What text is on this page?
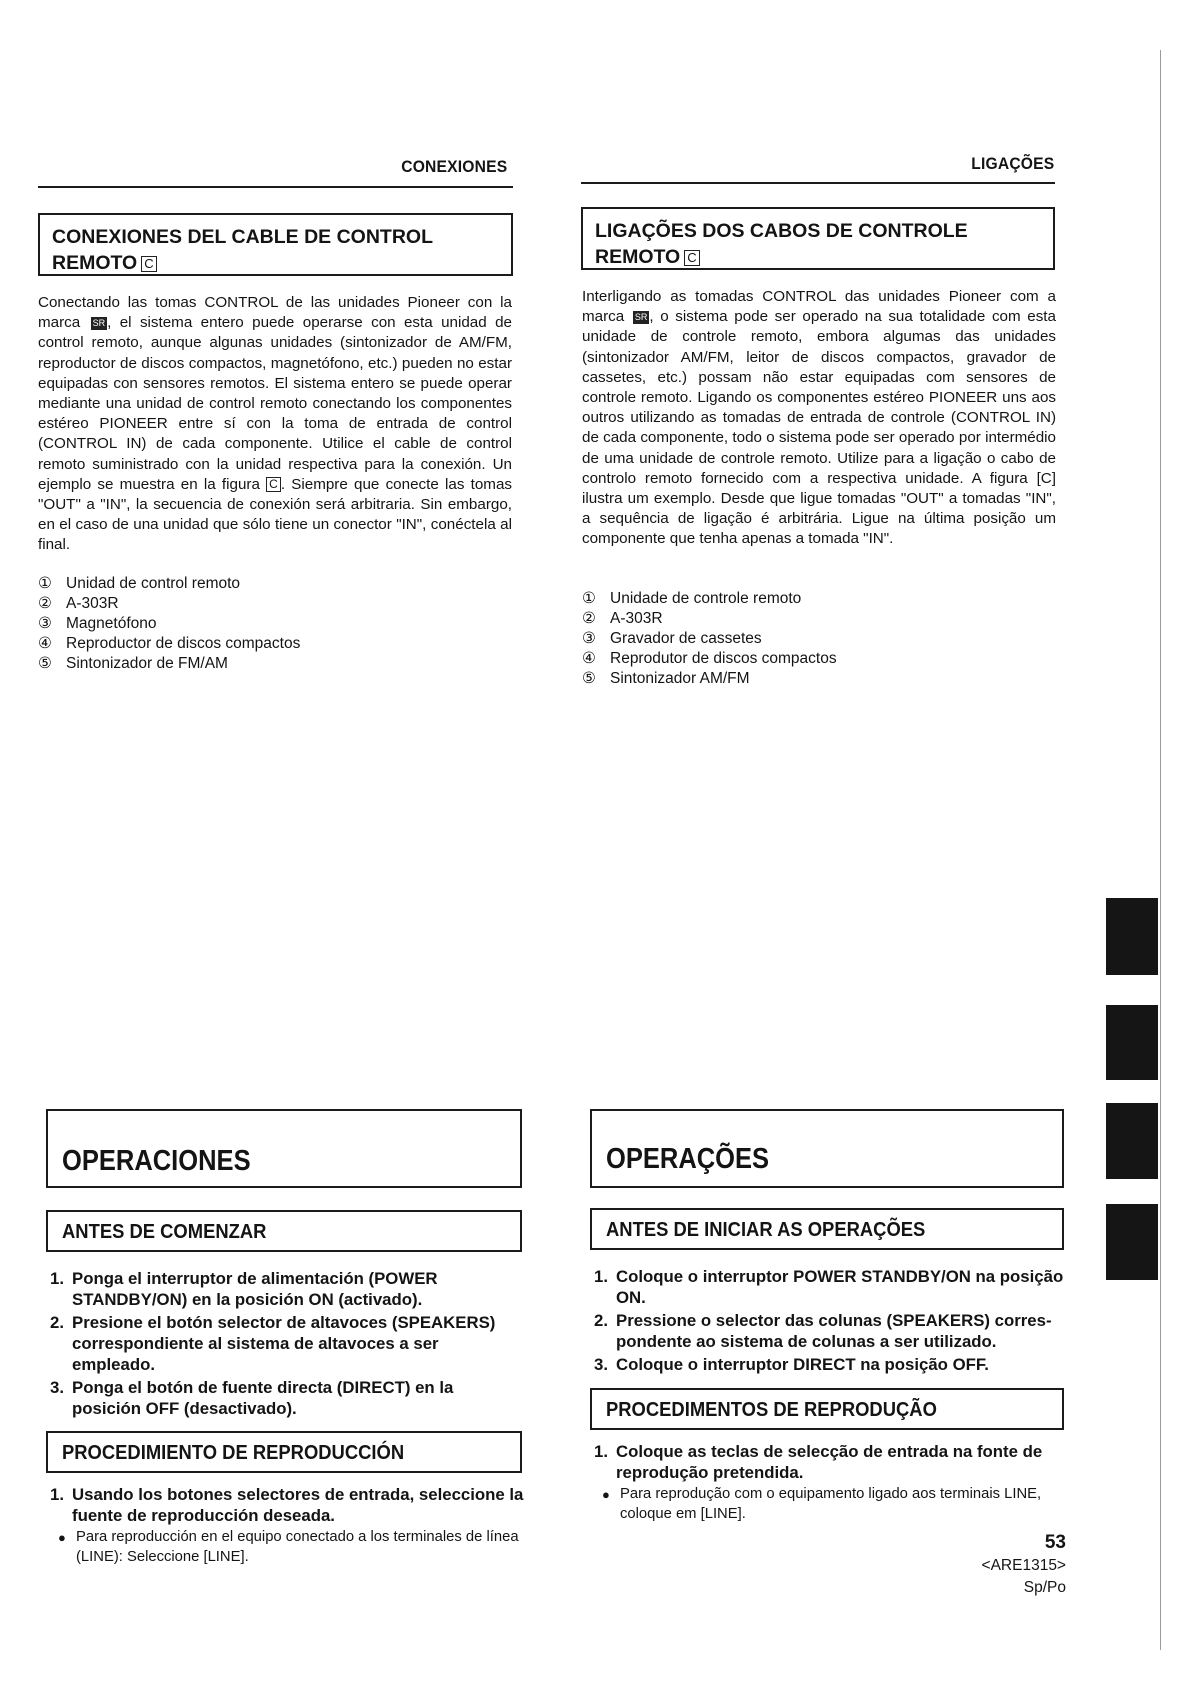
CONEXIONES
CONEXIONES DEL CABLE DE CONTROL
REMOTO C
Conectando las tomas CONTROL de las unidades Pioneer con la marca SR , el sistema entero puede operarse con esta unidad de control remoto, aunque algunas unidades (sintonizador de AM/FM, reproductor de discos compactos, magnetófono, etc.) pueden no estar equipadas con sensores remotos. El sistema entero se puede operar mediante una unidad de control remoto conectando los componentes estéreo PIONEER entre sí con la toma de entrada de control (CONTROL IN) de cada componente. Utilice el cable de control remoto suministrado con la unidad respectiva para la conexión. Un ejemplo se muestra en la figura C . Siempre que conecte las tomas "OUT" a "IN", la secuencia de conexión será arbitraria. Sin embargo, en el caso de una unidad que sólo tiene un conector "IN", conéctela al final.
① Unidad de control remoto
② A-303R
③ Magnetófono
④ Reproductor de discos compactos
⑤ Sintonizador de FM/AM
LIGAÇÕES
LIGAÇÕES DOS CABOS DE CONTROLE
REMOTO C
Interligando as tomadas CONTROL das unidades Pioneer com a marca SR , o sistema pode ser operado na sua totalidade com esta unidade de controle remoto, embora algumas das unidades (sintonizador AM/FM, leitor de discos compactos, gravador de cassetes, etc.) possam não estar equipadas com sensores de controle remoto. Ligando os componentes estéreo PIONEER uns aos outros utilizando as tomadas de entrada de controle (CONTROL IN) de cada componente, todo o sistema pode ser operado por intermédio de uma unidade de controle remoto. Utilize para a ligação o cabo de controlo remoto fornecido com a respectiva unidade. A figura [C] ilustra um exemplo. Desde que ligue tomadas "OUT" a tomadas "IN", a sequência de ligação é arbitrária. Ligue na última posição um componente que tenha apenas a tomada "IN".
① Unidade de controle remoto
② A-303R
③ Gravador de cassetes
④ Reprodutor de discos compactos
⑤ Sintonizador AM/FM
OPERACIONES
ANTES DE COMENZAR
1. Ponga el interruptor de alimentación (POWER STANDBY/ON) en la posición ON (activado).
2. Presione el botón selector de altavoces (SPEAKERS) correspondiente al sistema de altavoces a ser empleado.
3. Ponga el botón de fuente directa (DIRECT) en la posición OFF (desactivado).
PROCEDIMIENTO DE REPRODUCCIÓN
1. Usando los botones selectores de entrada, seleccione la fuente de reproducción deseada.
● Para reproducción en el equipo conectado a los terminales de línea (LINE): Seleccione [LINE].
OPERAÇÕES
ANTES DE INICIAR AS OPERAÇÕES
1. Coloque o interruptor POWER STANDBY/ON na posição ON.
2. Pressione o selector das colunas (SPEAKERS) corres-pondente ao sistema de colunas a ser utilizado.
3. Coloque o interruptor DIRECT na posição OFF.
PROCEDIMENTOS DE REPRODUÇÃO
1. Coloque as teclas de selecção de entrada na fonte de reprodução pretendida.
● Para reprodução com o equipamento ligado aos terminais LINE, coloque em [LINE].
53
<ARE1315>
Sp/Po
